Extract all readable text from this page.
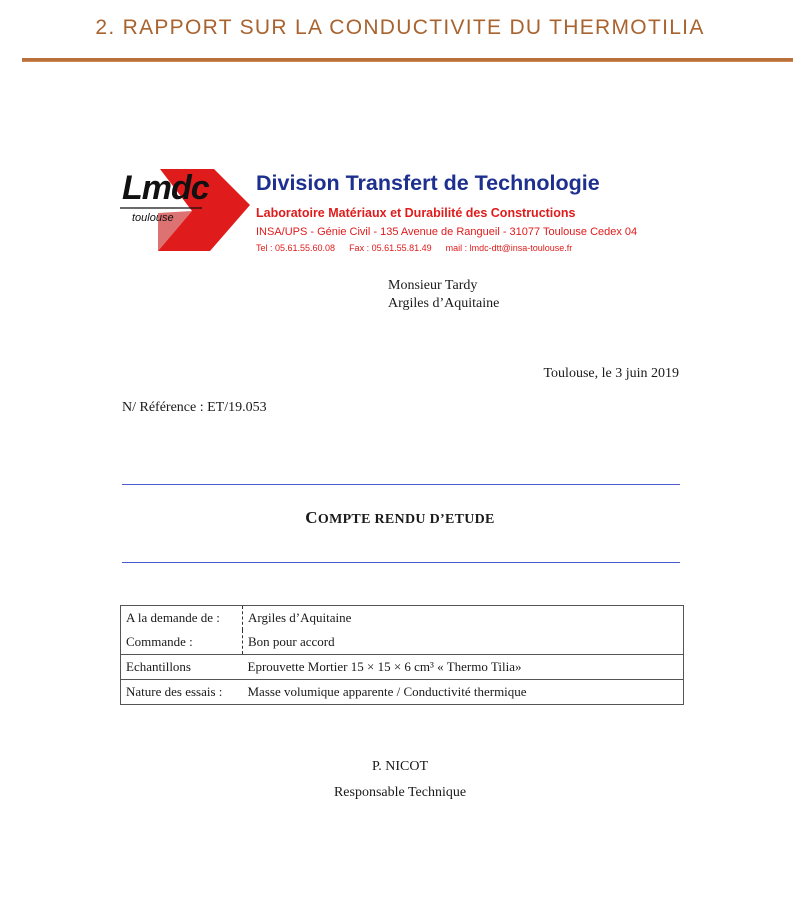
2. RAPPORT SUR LA CONDUCTIVITE DU THERMOTILIA
Lmdc
toulouse
Division Transfert de Technologie
Laboratoire Matériaux et Durabilité des Constructions
INSA/UPS - Génie Civil - 135 Avenue de Rangueil - 31077 Toulouse Cedex 04
Tel : 05.61.55.60.08 Fax : 05.61.55.81.49 mail : lmdc-dtt@insa-toulouse.fr
Monsieur Tardy
Argiles d’Aquitaine
Toulouse, le 3 juin 2019
N/ Référence : ET/19.053
COMPTE RENDU D’ETUDE
A la demande de :	Argiles d’Aquitaine
Commande :	Bon pour accord
Echantillons	Eprouvette Mortier 15 × 15 × 6 cm³ « Thermo Tilia»
Nature des essais :	Masse volumique apparente / Conductivité thermique
P. NICOT
Responsable Technique
